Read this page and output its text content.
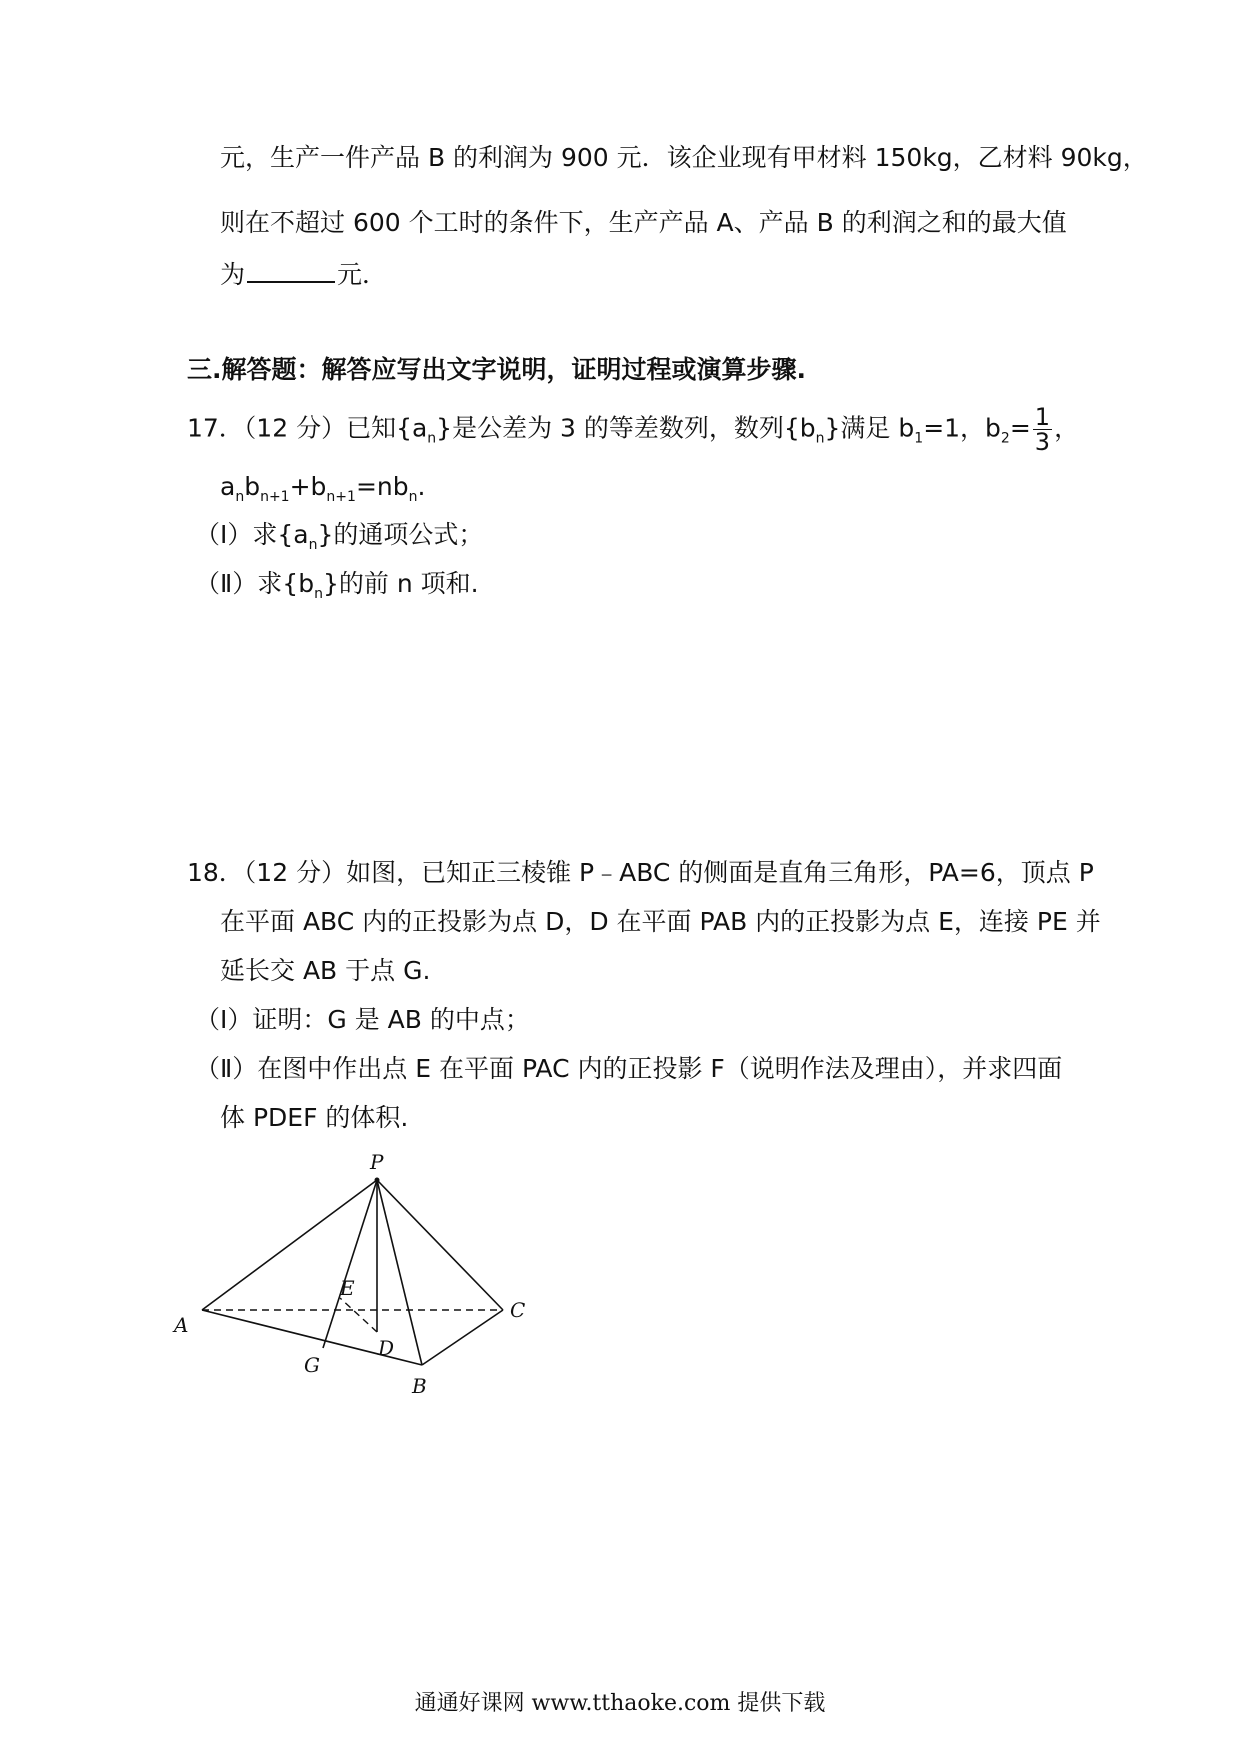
元，生产一件产品 B 的利润为 900 元．该企业现有甲材料 150kg，乙材料 90kg，
则在不超过 600 个工时的条件下，生产产品 A、产品 B 的利润之和的最大值
为	元．
三.解答题：解答应写出文字说明，证明过程或演算步骤.
17．（12 分）已知$\{a_n\}$是公差为 3 的等差数列，数列$\{b_n\}$满足 $b_1=1$，$b_2= \frac{1}{3}$ ，
$a_nb_{n+1}+b_{n+1}=nb_n$.
（Ⅰ）求$\{a_n\}$的通项公式；
（Ⅱ）求$\{b_n\}$的前 n 项和.
18．（12 分）如图，已知正三棱锥 P﹣ABC 的侧面是直角三角形，PA=6，顶点 P
在平面 ABC 内的正投影为点 D，D 在平面 PAB 内的正投影为点 E，连接 PE 并
延长交 AB 于点 G.
（Ⅰ）证明：G 是 AB 的中点；
（Ⅱ）在图中作出点 E 在平面 PAC 内的正投影 F（说明作法及理由），并求四面
体 PDEF 的体积.
P
A
B
C
D
E
G
通通好课网 www.tthaoke.com 提供下载
